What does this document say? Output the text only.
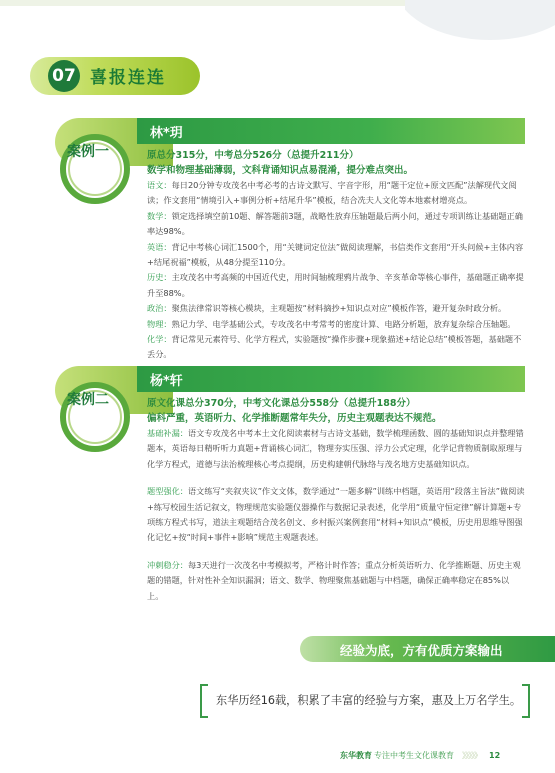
07 喜报连连
案例一
林*玥
原总分315分，中考总分526分（总提升211分）
数学和物理基础薄弱，文科背诵知识点易混淆，提分难点突出。
语文：每日20分钟专攻茂名中考必考的古诗文默写、字音字形，用“题干定位+原文匹配”法解现代文阅读；作文套用“情境引入+事例分析+结尾升华”模板，结合冼夫人文化等本地素材增亮点。
数学：锁定选择填空前10题、解答题前3题，战略性放弃压轴题最后两小问，通过专项训练让基础题正确率达98%。
英语：背记中考核心词汇1500个，用“关键词定位法”做阅读理解，书信类作文套用“开头问候+主体内容+结尾祝福”模板，从48分提至110分。
历史：主攻茂名中考高频的中国近代史，用时间轴梳理鸦片战争、辛亥革命等核心事件，基础题正确率提升至88%。
政治：聚焦法律常识等核心模块，主观题按“材料摘抄+知识点对应”模板作答，避开复杂时政分析。
物理：熟记力学、电学基础公式，专攻茂名中考常考的密度计算、电路分析题，放弃复杂综合压轴题。
化学：背记常见元素符号、化学方程式，实验题按“操作步骤+现象描述+结论总结”模板答题，基础题不丢分。
案例二
杨*轩
原文化课总分370分，中考文化课总分558分（总提升188分）
偏科严重，英语听力、化学推断题常年失分，历史主观题表达不规范。
基础补漏：语文专攻茂名中考本土文化阅读素材与古诗文基础，数学梳理函数、圆的基础知识点并整理错题本，英语每日精听听力真题+背诵核心词汇，物理夯实压强、浮力公式定理，化学记背物质制取原理与化学方程式，道德与法治梳理核心考点提纲，历史构建朝代脉络与茂名地方史基础知识点。
题型强化：语文练写“夹叙夹议”作文文体，数学通过“一题多解”训练中档题，英语用“段落主旨法”做阅读+练写校园生活记叙文，物理规范实验题仪器操作与数据记录表述，化学用“质量守恒定律”解计算题+专项练方程式书写，道法主观题结合茂名创文、乡村振兴案例套用“材料+知识点”模板，历史用思维导图强化记忆+按“时间+事件+影响”规范主观题表述。
冲刺稳分：每3天进行一次茂名中考模拟考，严格计时作答；重点分析英语听力、化学推断题、历史主观题的错题，针对性补全知识漏洞；语文、数学、物理聚焦基础题与中档题，确保正确率稳定在85%以上。
经验为底，方有优质方案输出
东华历经16载，积累了丰富的经验与方案，惠及上万名学生。
东华教育 专注中考生文化课教育 》》》》》 12
